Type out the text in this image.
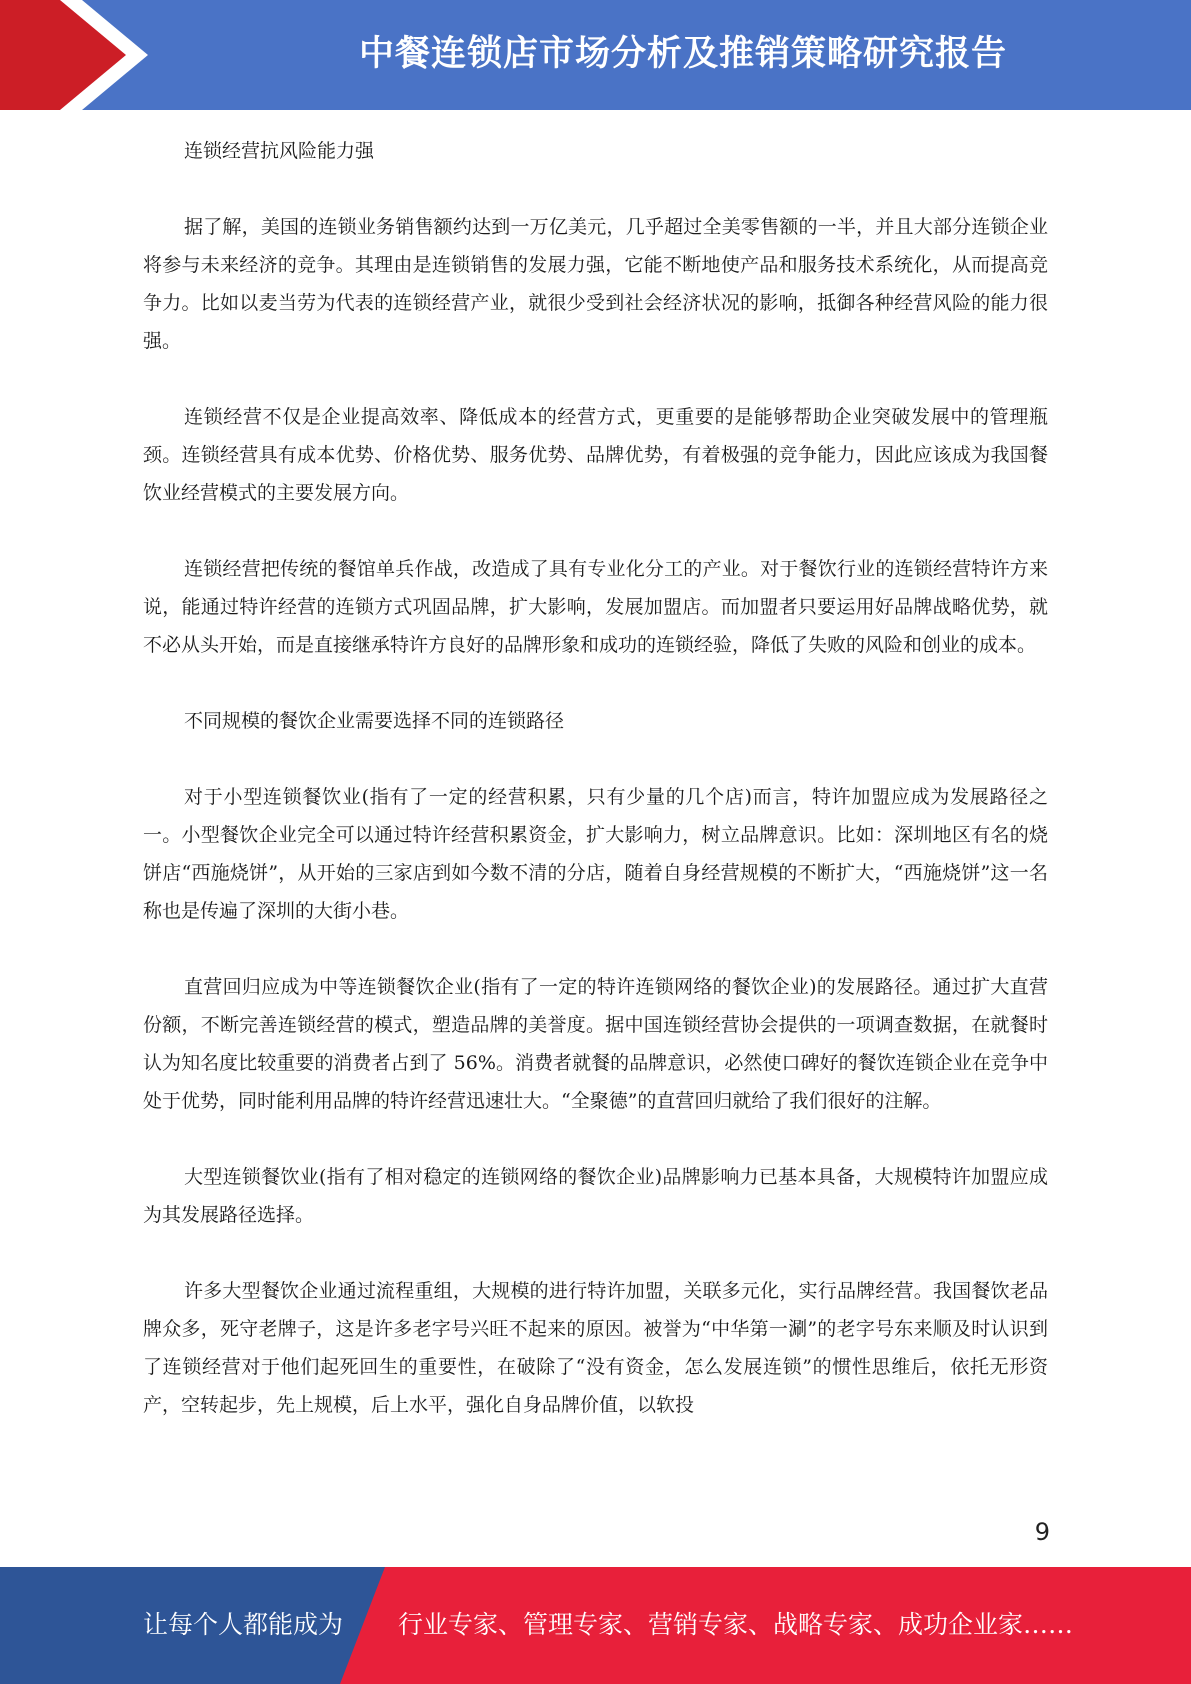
中餐连锁店市场分析及推销策略研究报告

连锁经营抗风险能力强

据了解，美国的连锁业务销售额约达到一万亿美元，几乎超过全美零售额的一半，并且大部分连锁企业将参与未来经济的竞争。其理由是连锁销售的发展力强，它能不断地使产品和服务技术系统化，从而提高竞争力。比如以麦当劳为代表的连锁经营产业，就很少受到社会经济状况的影响，抵御各种经营风险的能力很强。

连锁经营不仅是企业提高效率、降低成本的经营方式，更重要的是能够帮助企业突破发展中的管理瓶颈。连锁经营具有成本优势、价格优势、服务优势、品牌优势，有着极强的竞争能力，因此应该成为我国餐饮业经营模式的主要发展方向。

连锁经营把传统的餐馆单兵作战，改造成了具有专业化分工的产业。对于餐饮行业的连锁经营特许方来说，能通过特许经营的连锁方式巩固品牌，扩大影响，发展加盟店。而加盟者只要运用好品牌战略优势，就不必从头开始，而是直接继承特许方良好的品牌形象和成功的连锁经验，降低了失败的风险和创业的成本。

不同规模的餐饮企业需要选择不同的连锁路径

对于小型连锁餐饮业(指有了一定的经营积累，只有少量的几个店)而言，特许加盟应成为发展路径之一。小型餐饮企业完全可以通过特许经营积累资金，扩大影响力，树立品牌意识。比如：深圳地区有名的烧饼店“西施烧饼”，从开始的三家店到如今数不清的分店，随着自身经营规模的不断扩大，“西施烧饼”这一名称也是传遍了深圳的大街小巷。

直营回归应成为中等连锁餐饮企业(指有了一定的特许连锁网络的餐饮企业)的发展路径。通过扩大直营份额，不断完善连锁经营的模式，塑造品牌的美誉度。据中国连锁经营协会提供的一项调查数据，在就餐时认为知名度比较重要的消费者占到了 56%。消费者就餐的品牌意识，必然使口碑好的餐饮连锁企业在竞争中处于优势，同时能利用品牌的特许经营迅速壮大。“全聚德”的直营回归就给了我们很好的注解。

大型连锁餐饮业(指有了相对稳定的连锁网络的餐饮企业)品牌影响力已基本具备，大规模特许加盟应成为其发展路径选择。

许多大型餐饮企业通过流程重组，大规模的进行特许加盟，关联多元化，实行品牌经营。我国餐饮老品牌众多，死守老牌子，这是许多老字号兴旺不起来的原因。被誉为“中华第一涮”的老字号东来顺及时认识到了连锁经营对于他们起死回生的重要性，在破除了“没有资金，怎么发展连锁”的惯性思维后，依托无形资产，空转起步，先上规模，后上水平，强化自身品牌价值，以软投

9
让每个人都能成为 行业专家、管理专家、营销专家、战略专家、成功企业家……
